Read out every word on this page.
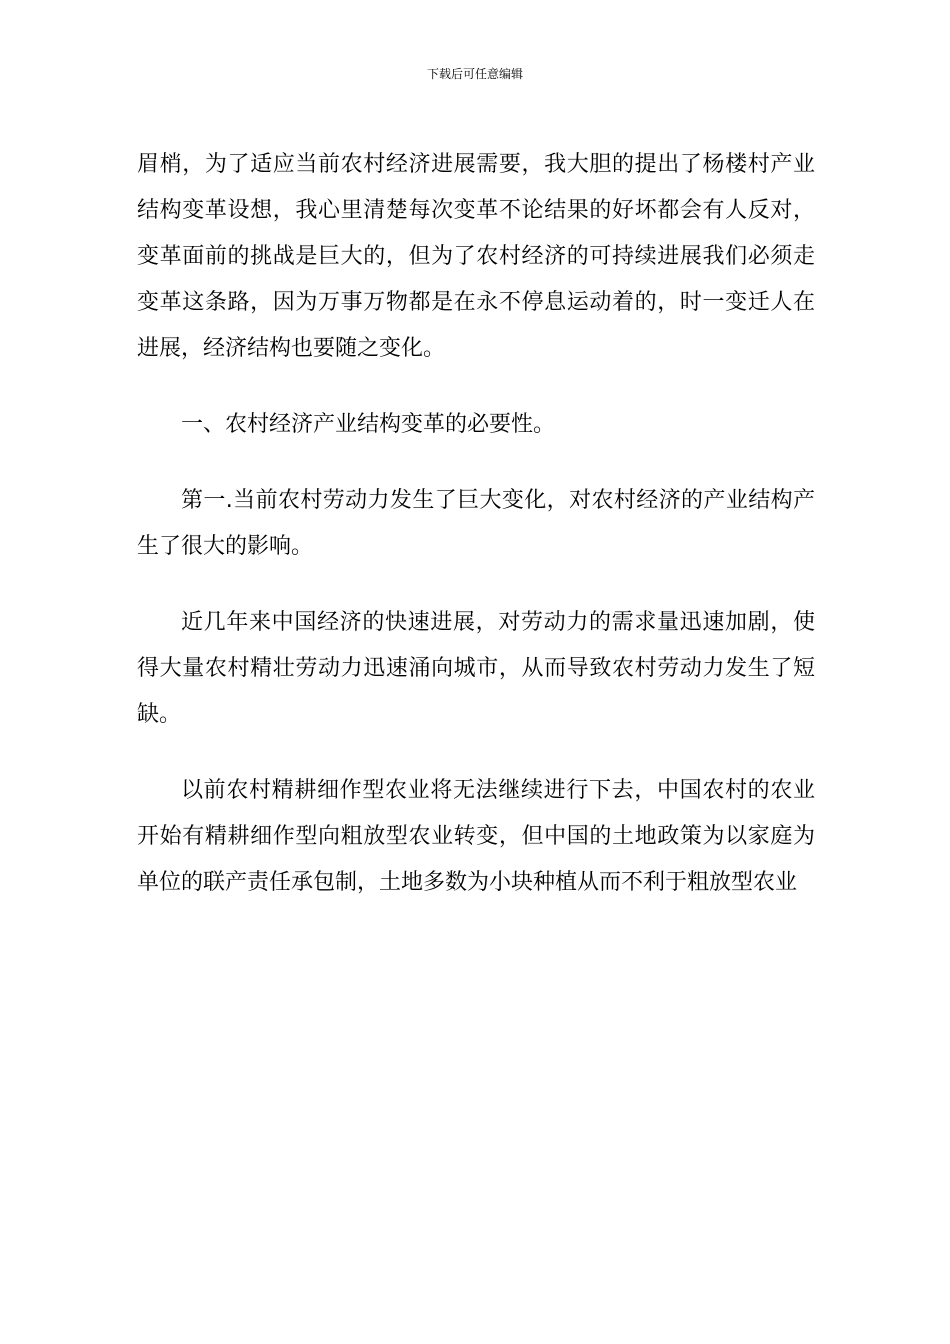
下载后可任意编辑

眉梢，为了适应当前农村经济进展需要，我大胆的提出了杨楼村产业结构变革设想，我心里清楚每次变革不论结果的好坏都会有人反对，变革面前的挑战是巨大的，但为了农村经济的可持续进展我们必须走变革这条路，因为万事万物都是在永不停息运动着的，时一变迁人在进展，经济结构也要随之变化。

一、农村经济产业结构变革的必要性。

第一.当前农村劳动力发生了巨大变化，对农村经济的产业结构产生了很大的影响。

近几年来中国经济的快速进展，对劳动力的需求量迅速加剧，使得大量农村精壮劳动力迅速涌向城市，从而导致农村劳动力发生了短缺。

以前农村精耕细作型农业将无法继续进行下去，中国农村的农业开始有精耕细作型向粗放型农业转变，但中国的土地政策为以家庭为单位的联产责任承包制，土地多数为小块种植从而不利于粗放型农业
